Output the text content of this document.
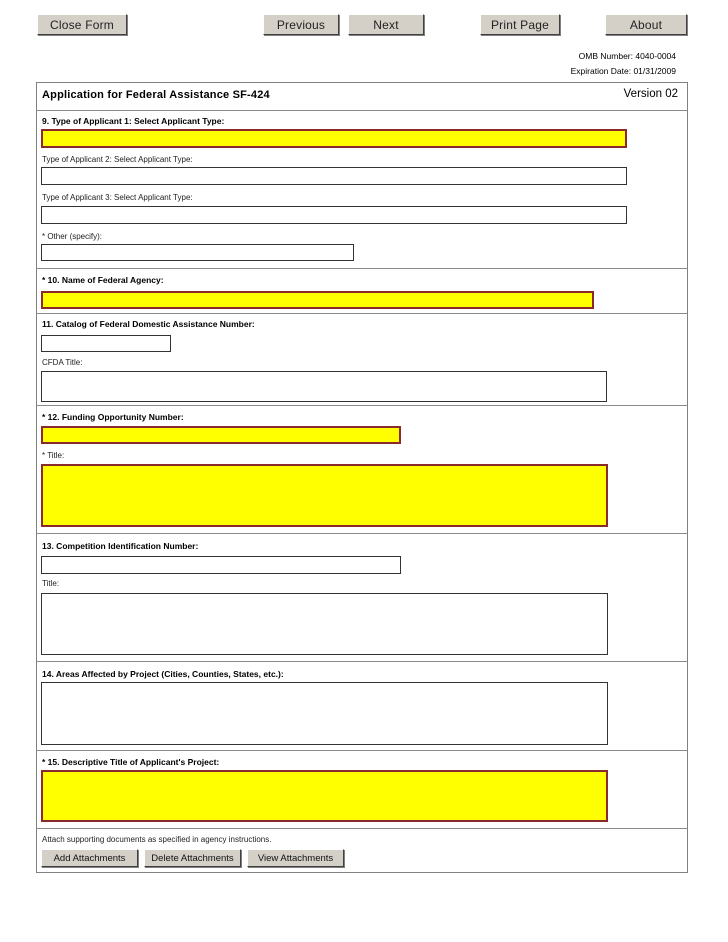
Close Form	Previous	Next	Print Page	About
OMB Number: 4040-0004
Expiration Date: 01/31/2009
Application for Federal Assistance SF-424	Version 02
9. Type of Applicant 1: Select Applicant Type:
Type of Applicant 2: Select Applicant Type:
Type of Applicant 3: Select Applicant Type:
* Other (specify):
* 10. Name of Federal Agency:
11. Catalog of Federal Domestic Assistance Number:
CFDA Title:
* 12. Funding Opportunity Number:
* Title:
13. Competition Identification Number:
Title:
14. Areas Affected by Project (Cities, Counties, States, etc.):
* 15. Descriptive Title of Applicant's Project:
Attach supporting documents as specified in agency instructions.
Add Attachments	Delete Attachments	View Attachments
